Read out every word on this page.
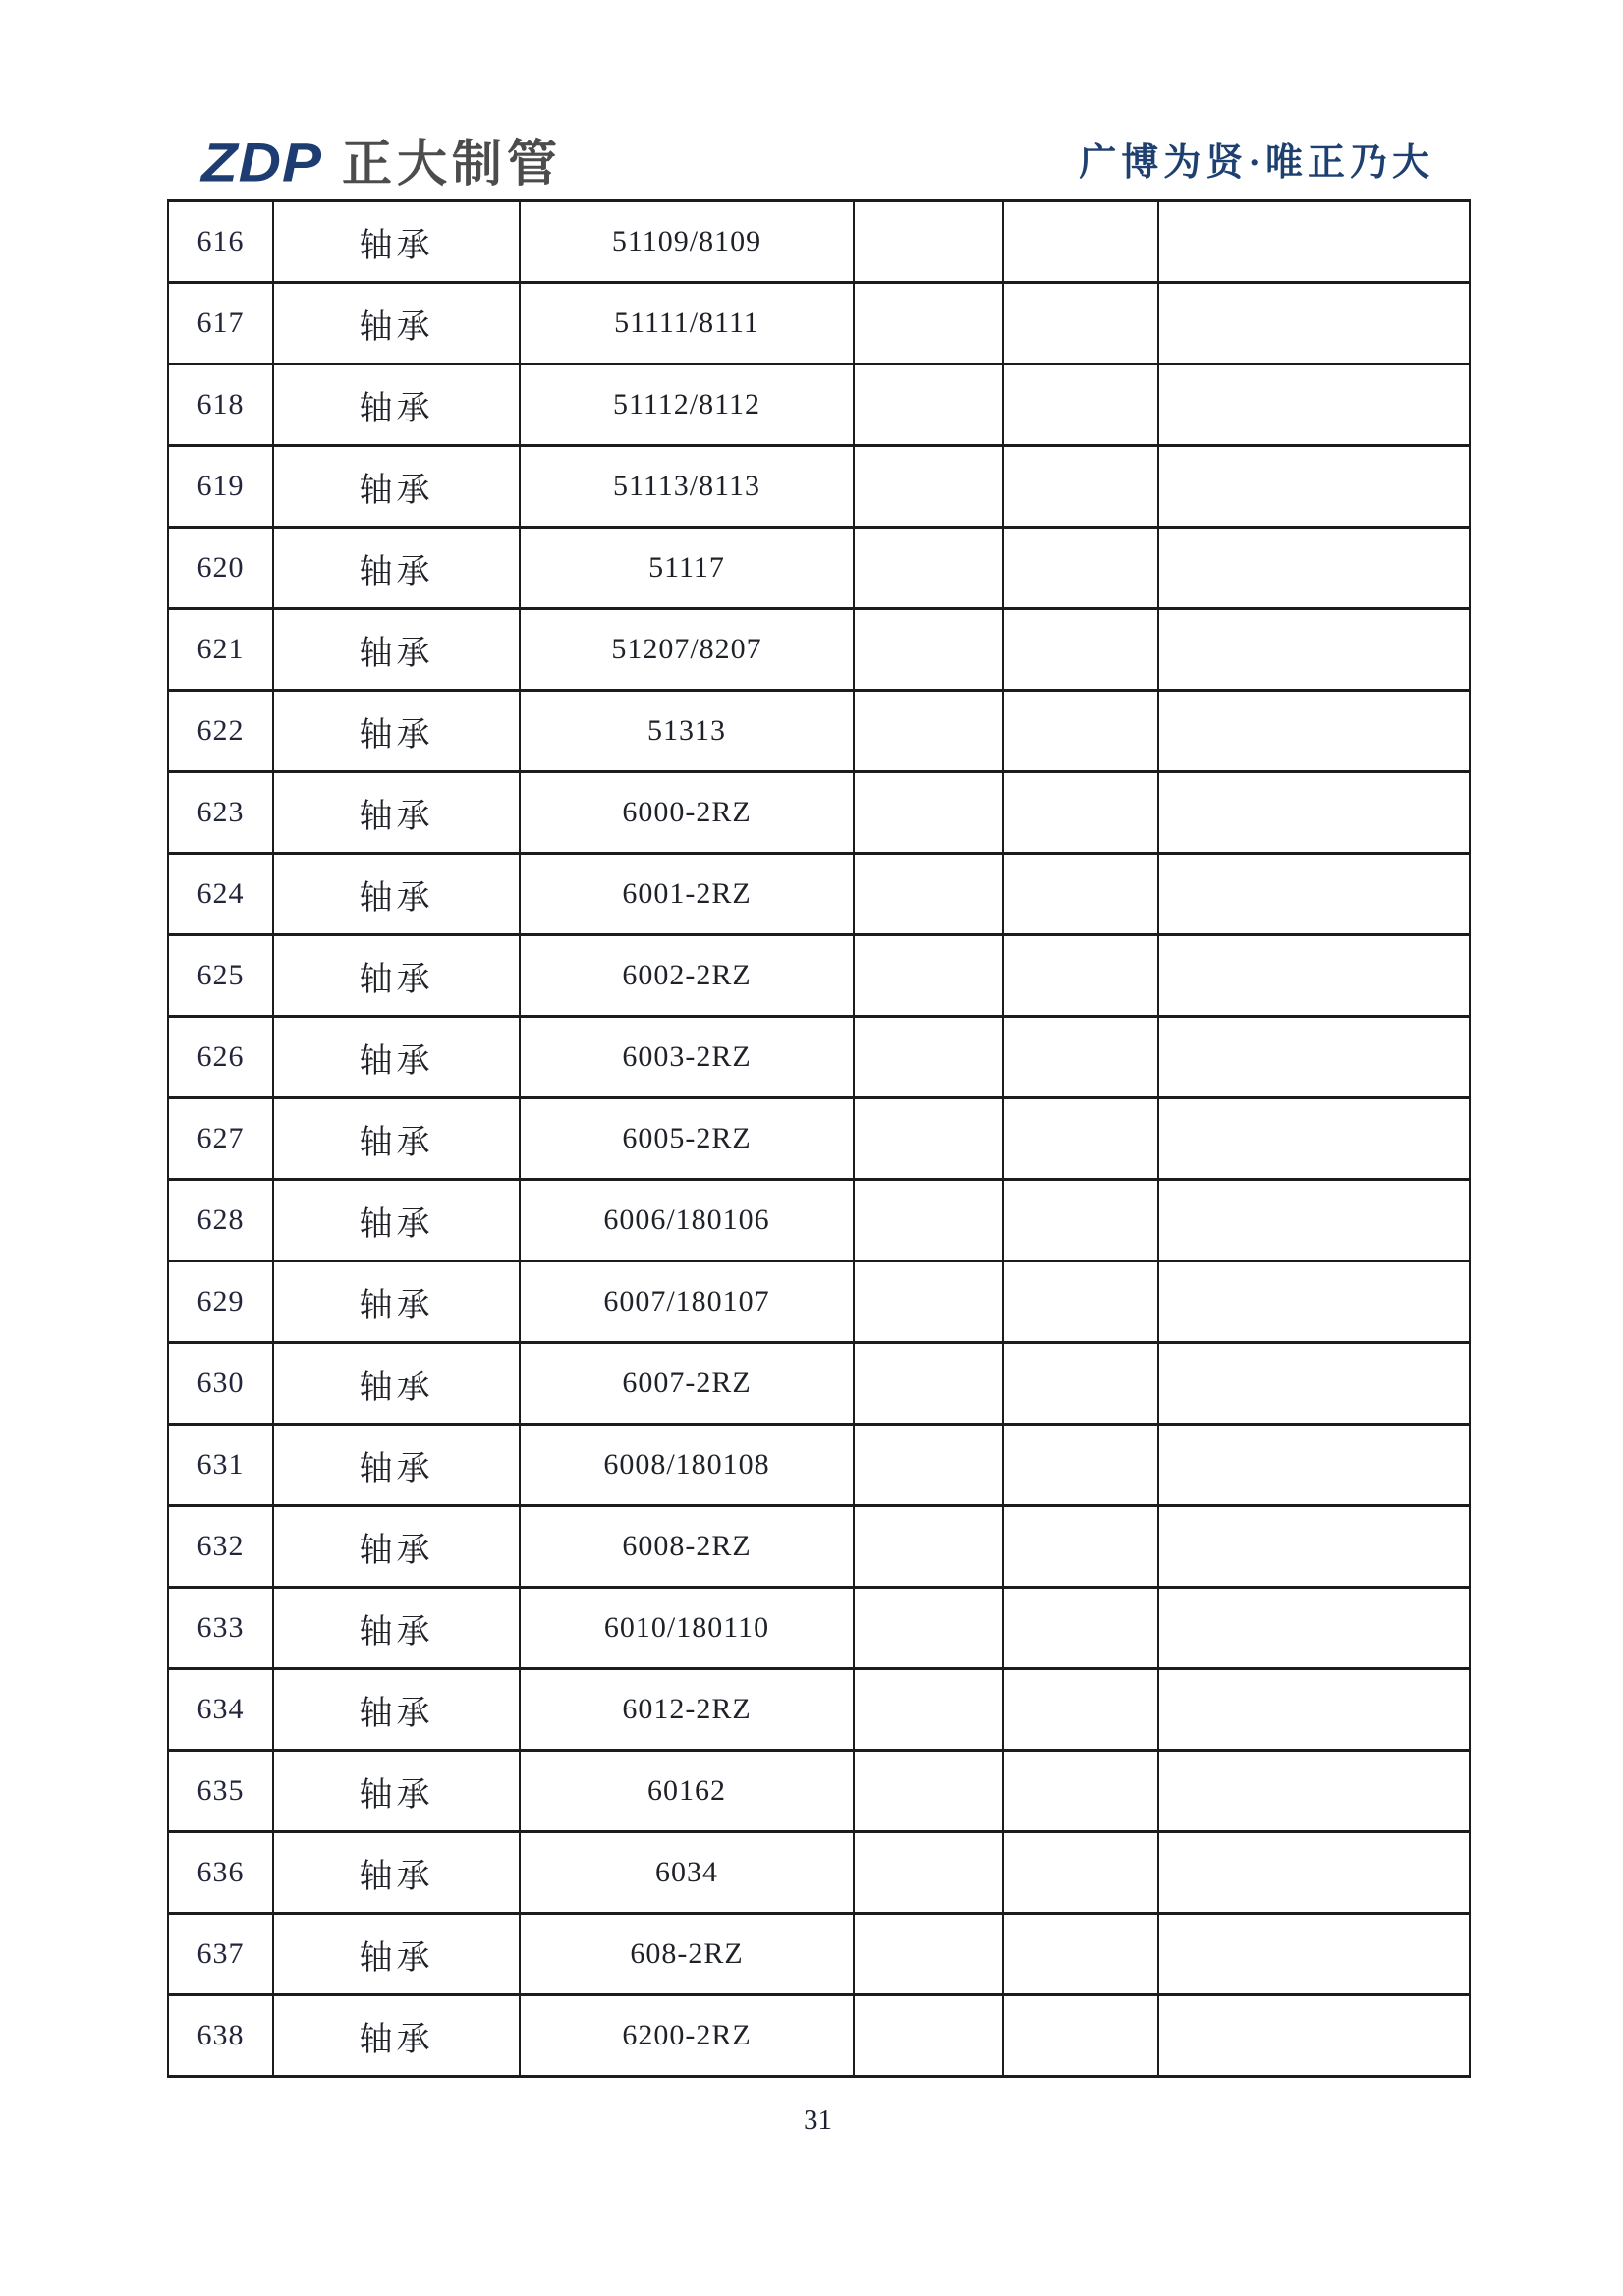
ZDP 正大制管	广博为贤·唯正乃大
616	轴承	51109/8109			
617	轴承	51111/8111			
618	轴承	51112/8112			
619	轴承	51113/8113			
620	轴承	51117			
621	轴承	51207/8207			
622	轴承	51313			
623	轴承	6000-2RZ			
624	轴承	6001-2RZ			
625	轴承	6002-2RZ			
626	轴承	6003-2RZ			
627	轴承	6005-2RZ			
628	轴承	6006/180106			
629	轴承	6007/180107			
630	轴承	6007-2RZ			
631	轴承	6008/180108			
632	轴承	6008-2RZ			
633	轴承	6010/180110			
634	轴承	6012-2RZ			
635	轴承	60162			
636	轴承	6034			
637	轴承	608-2RZ			
638	轴承	6200-2RZ			
31
